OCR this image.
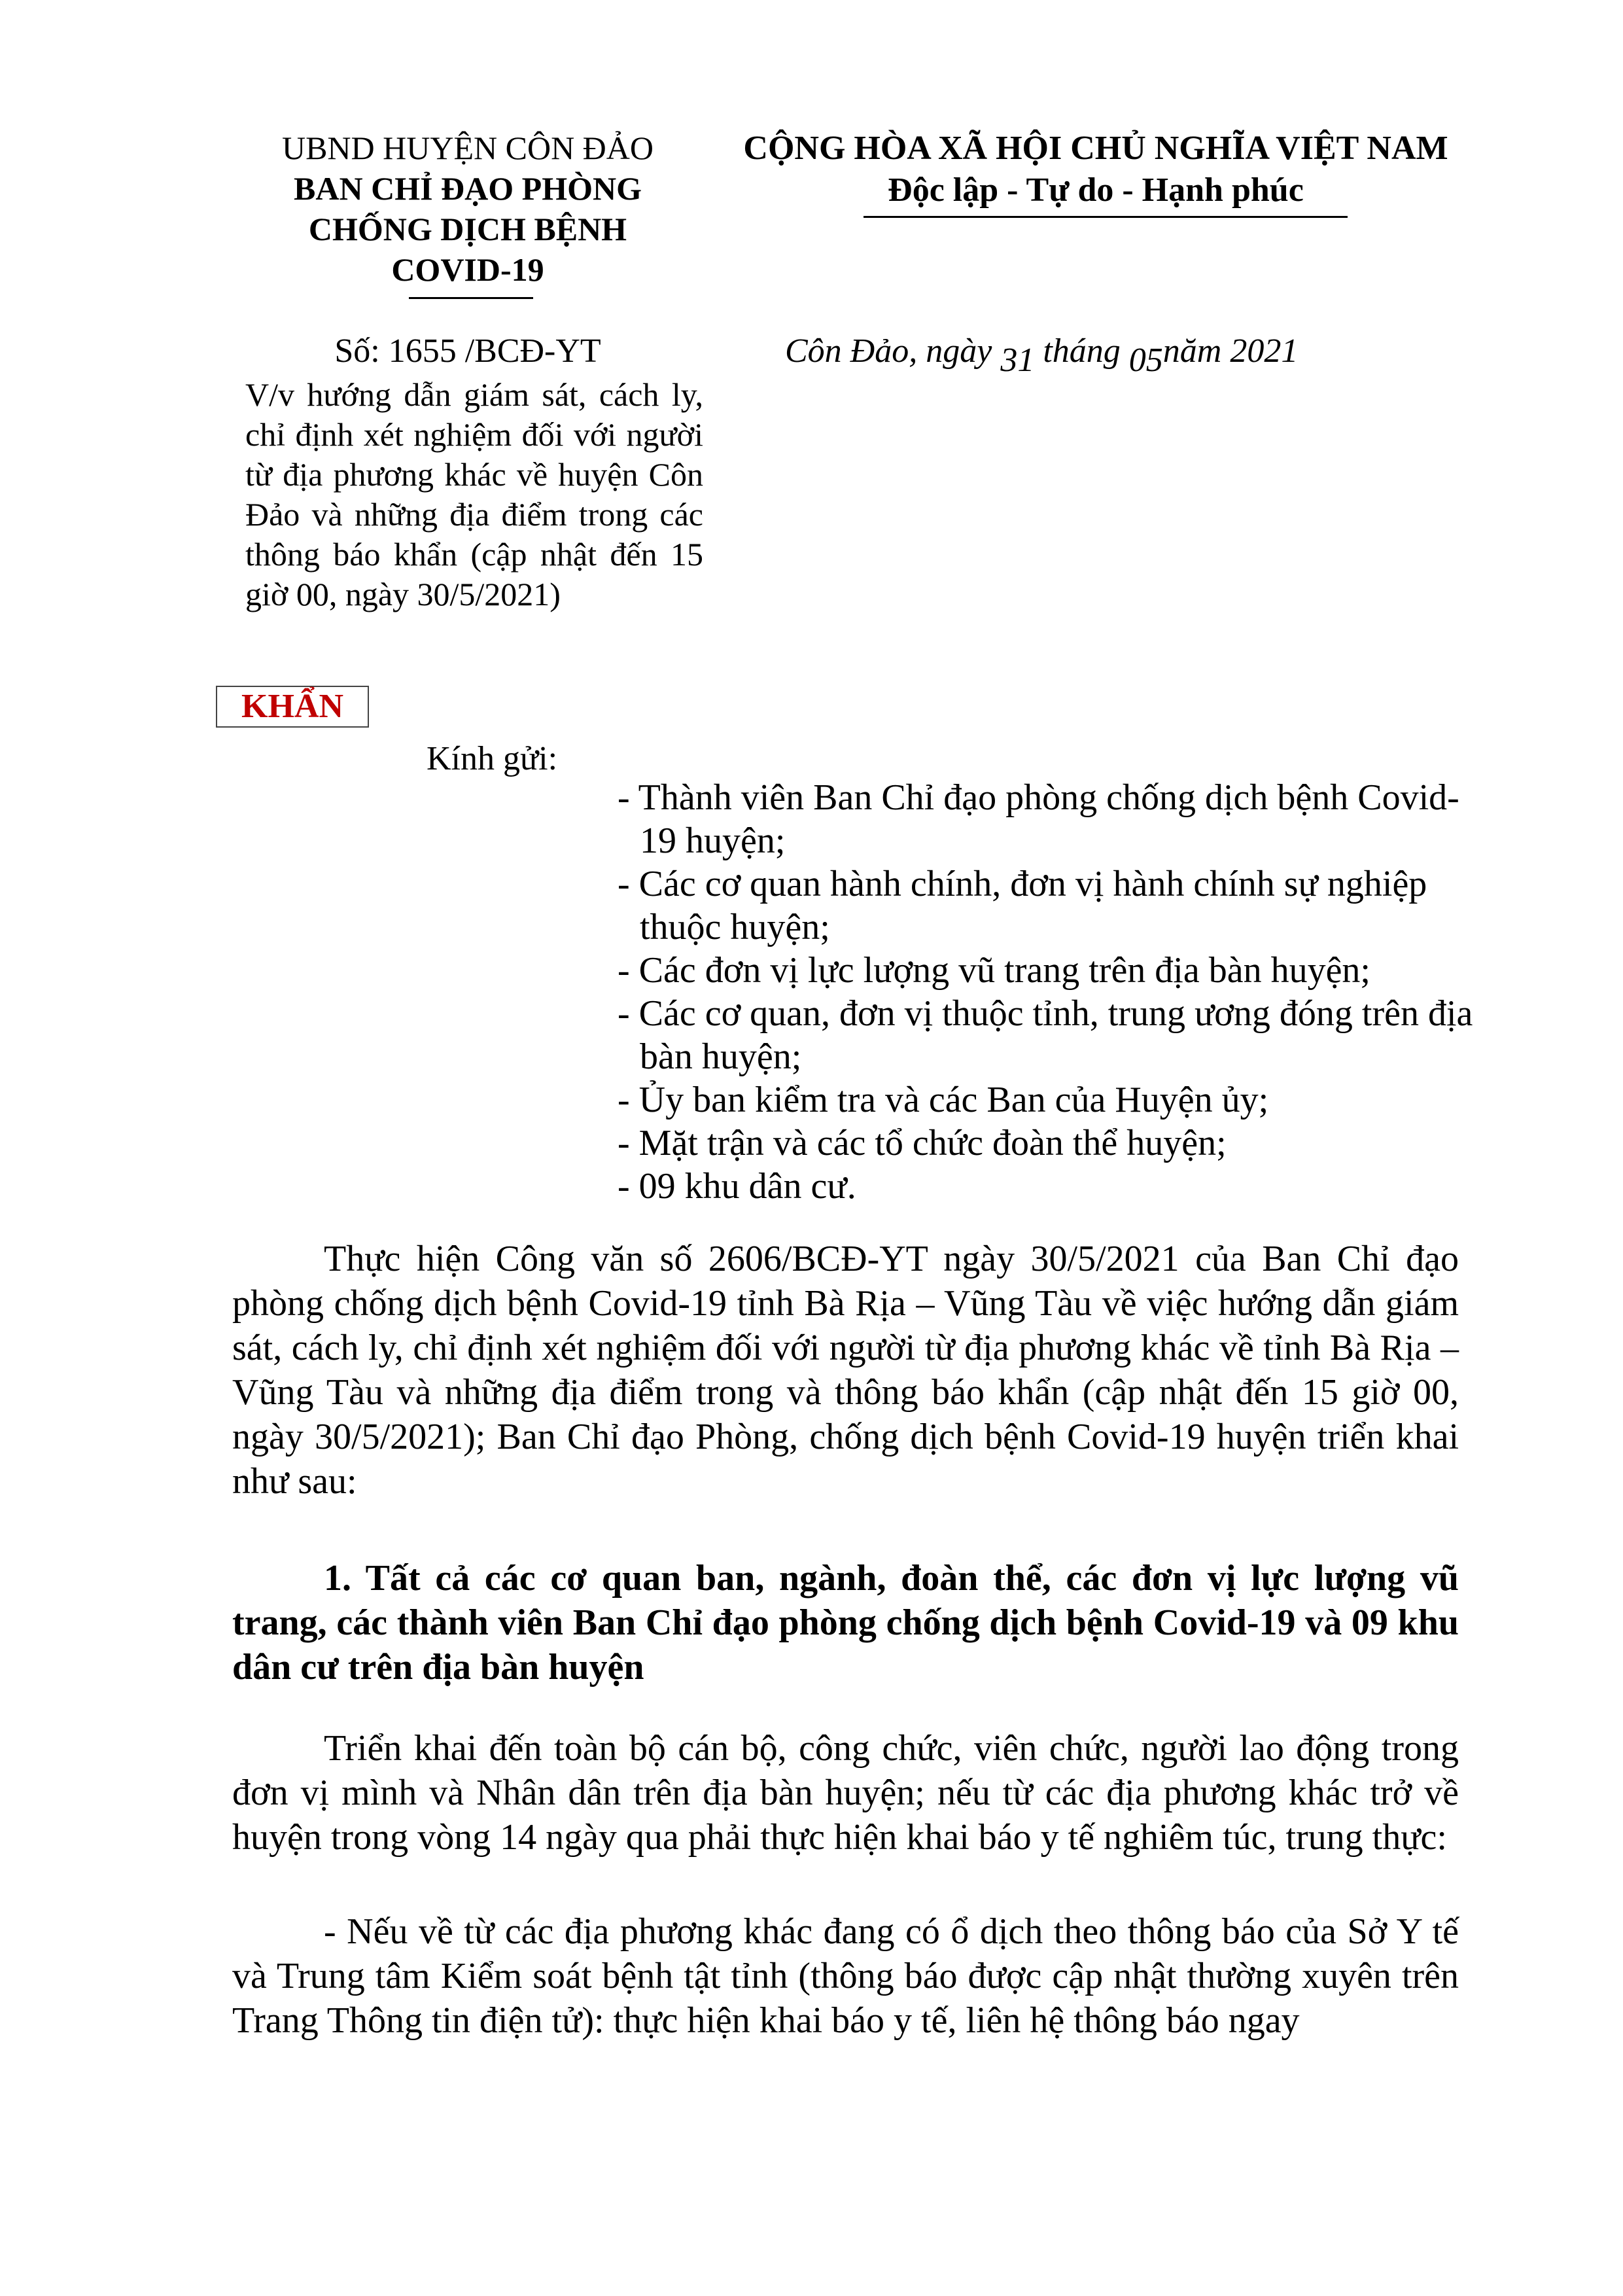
UBND HUYỆN CÔN ĐẢO
BAN CHỈ ĐẠO PHÒNG
CHỐNG DỊCH BỆNH
COVID-19
CỘNG HÒA XÃ HỘI CHỦ NGHĨA VIỆT NAM
Độc lập - Tự do - Hạnh phúc
Số: 1655 /BCĐ-YT	Côn Đảo, ngày 31 tháng 05năm 2021
V/v hướng dẫn giám sát, cách ly, chỉ định xét nghiệm đối với người từ địa phương khác về huyện Côn Đảo và những địa điểm trong các thông báo khẩn (cập nhật đến 15 giờ 00, ngày 30/5/2021)
KHẨN
Kính gửi:
- Thành viên Ban Chỉ đạo phòng chống dịch bệnh Covid-19 huyện;
- Các cơ quan hành chính, đơn vị hành chính sự nghiệp thuộc huyện;
- Các đơn vị lực lượng vũ trang trên địa bàn huyện;
- Các cơ quan, đơn vị thuộc tỉnh, trung ương đóng trên địa bàn huyện;
- Ủy ban kiểm tra và các Ban của Huyện ủy;
- Mặt trận và các tổ chức đoàn thể huyện;
- 09 khu dân cư.

Thực hiện Công văn số 2606/BCĐ-YT ngày 30/5/2021 của Ban Chỉ đạo phòng chống dịch bệnh Covid-19 tỉnh Bà Rịa – Vũng Tàu về việc hướng dẫn giám sát, cách ly, chỉ định xét nghiệm đối với người từ địa phương khác về tỉnh Bà Rịa – Vũng Tàu và những địa điểm trong và thông báo khẩn (cập nhật đến 15 giờ 00, ngày 30/5/2021); Ban Chỉ đạo Phòng, chống dịch bệnh Covid-19 huyện triển khai như sau:

1. Tất cả các cơ quan ban, ngành, đoàn thể, các đơn vị lực lượng vũ trang, các thành viên Ban Chỉ đạo phòng chống dịch bệnh Covid-19 và 09 khu dân cư trên địa bàn huyện

Triển khai đến toàn bộ cán bộ, công chức, viên chức, người lao động trong đơn vị mình và Nhân dân trên địa bàn huyện; nếu từ các địa phương khác trở về huyện trong vòng 14 ngày qua phải thực hiện khai báo y tế nghiêm túc, trung thực:

- Nếu về từ các địa phương khác đang có ổ dịch theo thông báo của Sở Y tế và Trung tâm Kiểm soát bệnh tật tỉnh (thông báo được cập nhật thường xuyên trên Trang Thông tin điện tử): thực hiện khai báo y tế, liên hệ thông báo ngay
